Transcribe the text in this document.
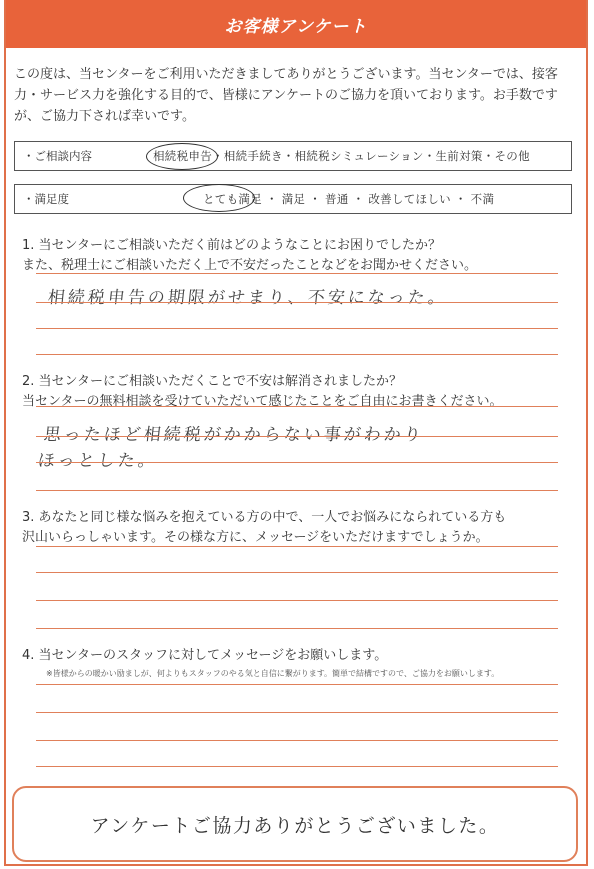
お客様アンケート
この度は、当センターをご利用いただきましてありがとうございます。当センターでは、接客力・サービス力を強化する目的で、皆様にアンケートのご協力を頂いております。お手数ですが、ご協力下されば幸いです。
・ご相談内容	相続税申告・相続手続き・相続税シミュレーション・生前対策・その他
・満足度	とても満足 ・ 満足 ・ 普通 ・ 改善してほしい ・ 不満
1. 当センターにご相談いただく前はどのようなことにお困りでしたか？
また、税理士にご相談いただく上で不安だったことなどをお聞かせください。
相続税申告の期限がせまり、不安になった。
2. 当センターにご相談いただくことで不安は解消されましたか？
当センターの無料相談を受けていただいて感じたことをご自由にお書きください。
思ったほど相続税がかからない事がわかり
ほっとした。
3. あなたと同じ様な悩みを抱えている方の中で、一人でお悩みになられている方も
沢山いらっしゃいます。その様な方に、メッセージをいただけますでしょうか。
4. 当センターのスタッフに対してメッセージをお願いします。
※皆様からの暖かい励ましが、何よりもスタッフのやる気と自信に繋がります。簡単で結構ですので、ご協力をお願いします。
アンケートご協力ありがとうございました。
